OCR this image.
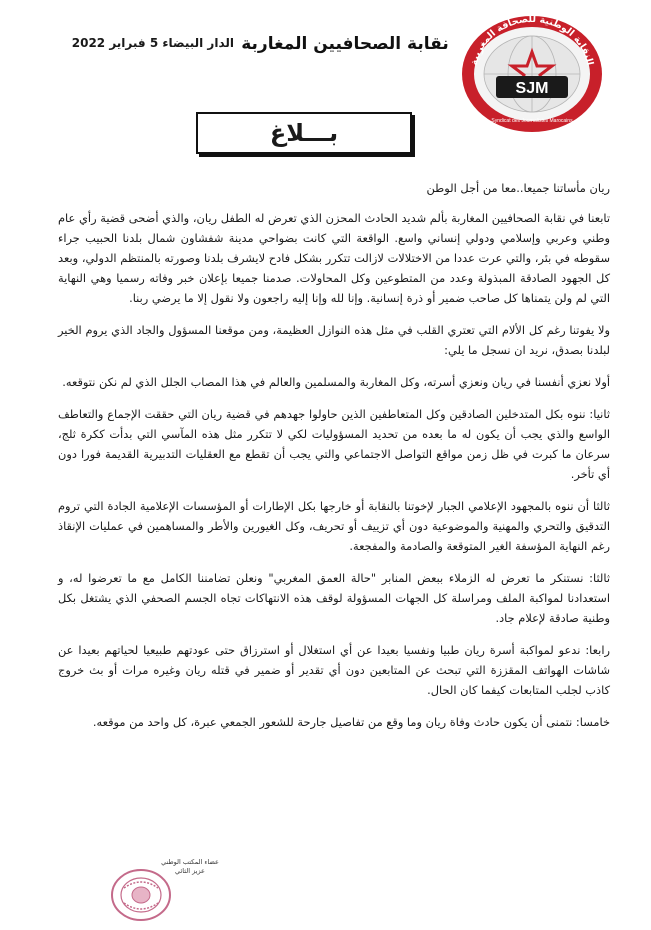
SJM
النقابة الوطنية للصحافة المغربية
Syndicat des Journalistes Marocains
نقابة الصحافيين المغاربة
الدار البيضاء 5 فبراير 2022
بـــلاغ

ريان مأساتنا جميعا..معا من أجل الوطن

تابعنا في نقابة الصحافيين المغاربة بألم شديد الحادث المحزن الذي تعرض له الطفل ريان، والذي أضحى قضية رأي عام وطني وعربي وإسلامي ودولي إنساني واسع. الواقعة التي كانت بضواحي مدينة شفشاون شمال بلدنا الحبيب جراء سقوطه في بئر، والتي عرت عددا من الاختلالات لازالت تتكرر بشكل فادح لايشرف بلدنا وصورته بالمنتظم الدولي، وبعد كل الجهود الصادقة المبذولة وعدد من المتطوعين وكل المحاولات. صدمنا جميعا بإعلان خبر وفاته رسميا وهي النهاية التي لم ولن يتمناها كل صاحب ضمير أو ذرة إنسانية. وإنا لله وإنا إليه راجعون ولا نقول إلا ما يرضي ربنا.

ولا يفوتنا رغم كل الألام التي تعتري القلب في مثل هذه النوازل العظيمة، ومن موقعنا المسؤول والجاد الذي يروم الخير لبلدنا بصدق، نريد ان نسجل ما يلي:

أولا نعزي أنفسنا في ريان ونعزي أسرته، وكل المغاربة والمسلمين والعالم في هذا المصاب الجلل الذي لم نكن نتوقعه.

ثانيا: ننوه بكل المتدخلين الصادقين وكل المتعاطفين الذين حاولوا جهدهم في قضية ريان التي حققت الإجماع والتعاطف الواسع والذي يجب أن يكون له ما بعده من تحديد المسؤوليات لكي لا تتكرر مثل هذه المآسي التي بدأت ككرة ثلج، سرعان ما كبرت في ظل زمن مواقع التواصل الاجتماعي والتي يجب أن تقطع مع العقليات التدبيرية القديمة فورا دون أي تأخر.

ثالثا أن ننوه بالمجهود الإعلامي الجبار لإخوتنا بالنقابة أو خارجها بكل الإطارات أو المؤسسات الإعلامية الجادة التي تروم التدقيق والتحري والمهنية والموضوعية دون أي تزييف أو تحريف، وكل الغيورين والأطر والمساهمين في عمليات الإنقاذ رغم النهاية المؤسفة الغير المتوقعة والصادمة والمفجعة.

ثالثا: نستنكر ما تعرض له الزملاء ببعض المنابر "حالة العمق المغربي" ونعلن تضامننا الكامل مع ما تعرضوا له، و استعدادنا لمواكبة الملف ومراسلة كل الجهات المسؤولة لوقف هذه الانتهاكات تجاه الجسم الصحفي الذي يشتغل بكل وطنية صادقة لإعلام جاد.

رابعا: ندعو لمواكبة أسرة ريان طبيا ونفسيا بعيدا عن أي استغلال أو استرزاق حتى عودتهم طبيعيا لحياتهم بعيدا عن شاشات الهواتف المقززة التي تبحث عن المتابعين دون أي تقدير أو ضمير في قتله ريان وغيره مرات أو بث خروج كاذب لجلب المتابعات كيفما كان الحال.

خامسا: نتمنى أن يكون حادث وفاة ريان وما وقع من تفاصيل جارحة للشعور الجمعي عبرة، كل واحد من موقعه.

عضاء المكتب الوطني
عزيز الثائي
